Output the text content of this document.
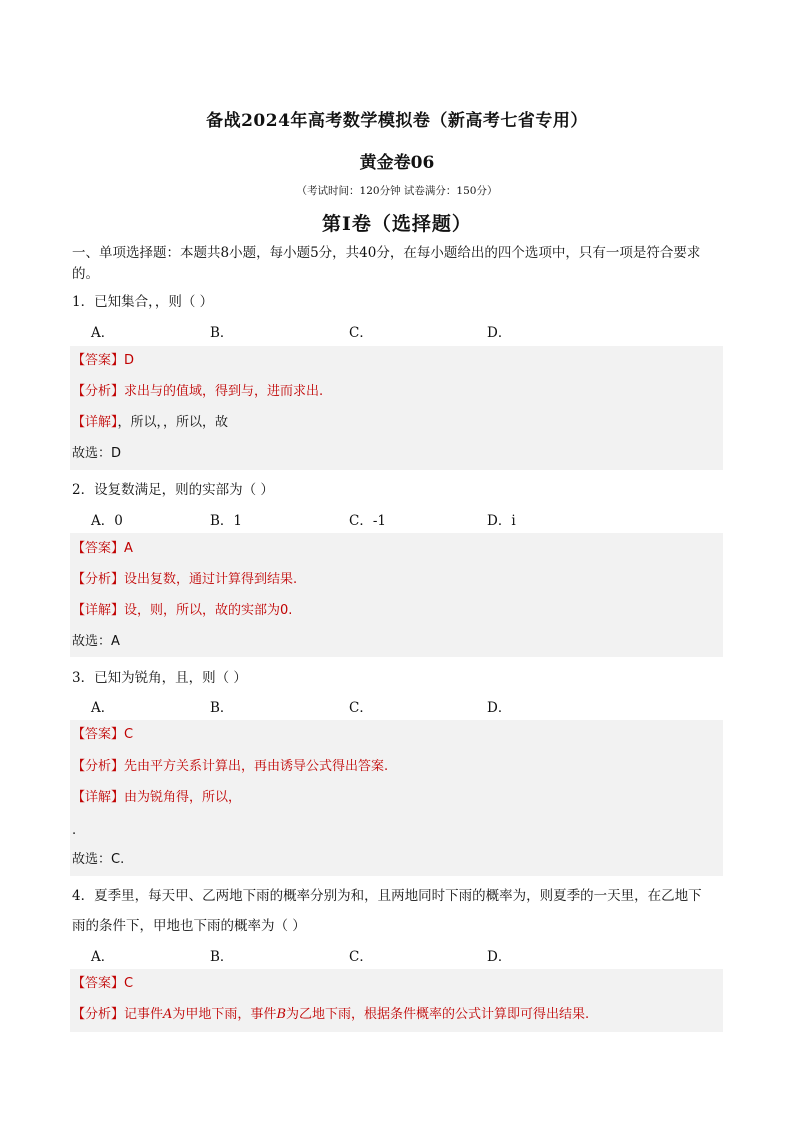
备战2024年高考数学模拟卷（新高考七省专用）
黄金卷06
（考试时间：120分钟 试卷满分：150分）
第I卷（选择题）
一、单项选择题：本题共8小题，每小题5分，共40分，在每小题给出的四个选项中，只有一项是符合要求的。
1．已知集合，，则（ ）
A．	B．	C．	D．
【答案】D
【分析】求出与的值域，得到与，进而求出.
【详解】，所以，，所以，故
故选：D
2．设复数满足，则的实部为（ ）
A．0	B．1	C．-1	D．i
【答案】A
【分析】设出复数，通过计算得到结果.
【详解】设，则，所以，故的实部为0.
故选：A
3．已知为锐角，且，则（ ）
A．	B．	C．	D．
【答案】C
【分析】先由平方关系计算出，再由诱导公式得出答案.
【详解】由为锐角得，所以，
.
故选：C.
4．夏季里，每天甲、乙两地下雨的概率分别为和，且两地同时下雨的概率为，则夏季的一天里，在乙地下
雨的条件下，甲地也下雨的概率为（ ）
A．	B．	C．	D．
【答案】C
【分析】记事件A为甲地下雨，事件B为乙地下雨，根据条件概率的公式计算即可得出结果.
